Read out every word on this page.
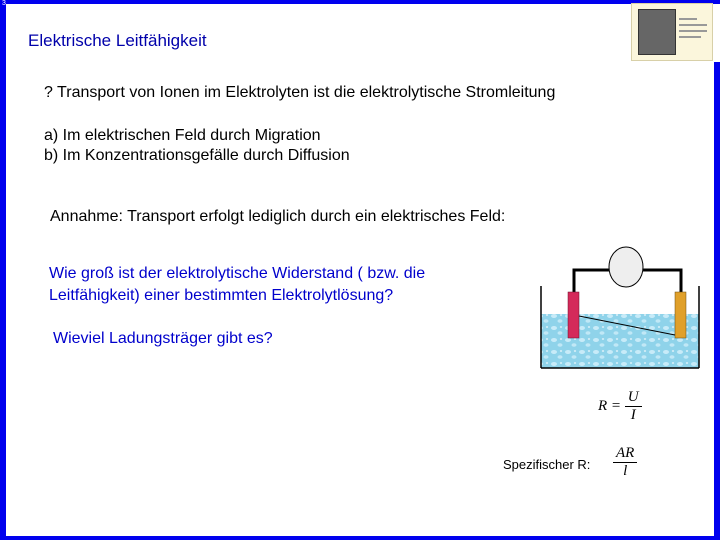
3
Elektrische Leitfähigkeit

? Transport von Ionen im Elektrolyten ist die elektrolytische Stromleitung

a) Im elektrischen Feld durch Migration

b) Im Konzentrationsgefälle durch Diffusion

Annahme: Transport erfolgt lediglich durch ein elektrisches Feld:

Wie groß ist der elektrolytische Widerstand ( bzw. die

Leitfähigkeit) einer bestimmten Elektrolytlösung?

Wieviel Ladungsträger gibt es?

$R = \frac{U}{I}$
Spezifischer R: $\frac{AR}{l}$
